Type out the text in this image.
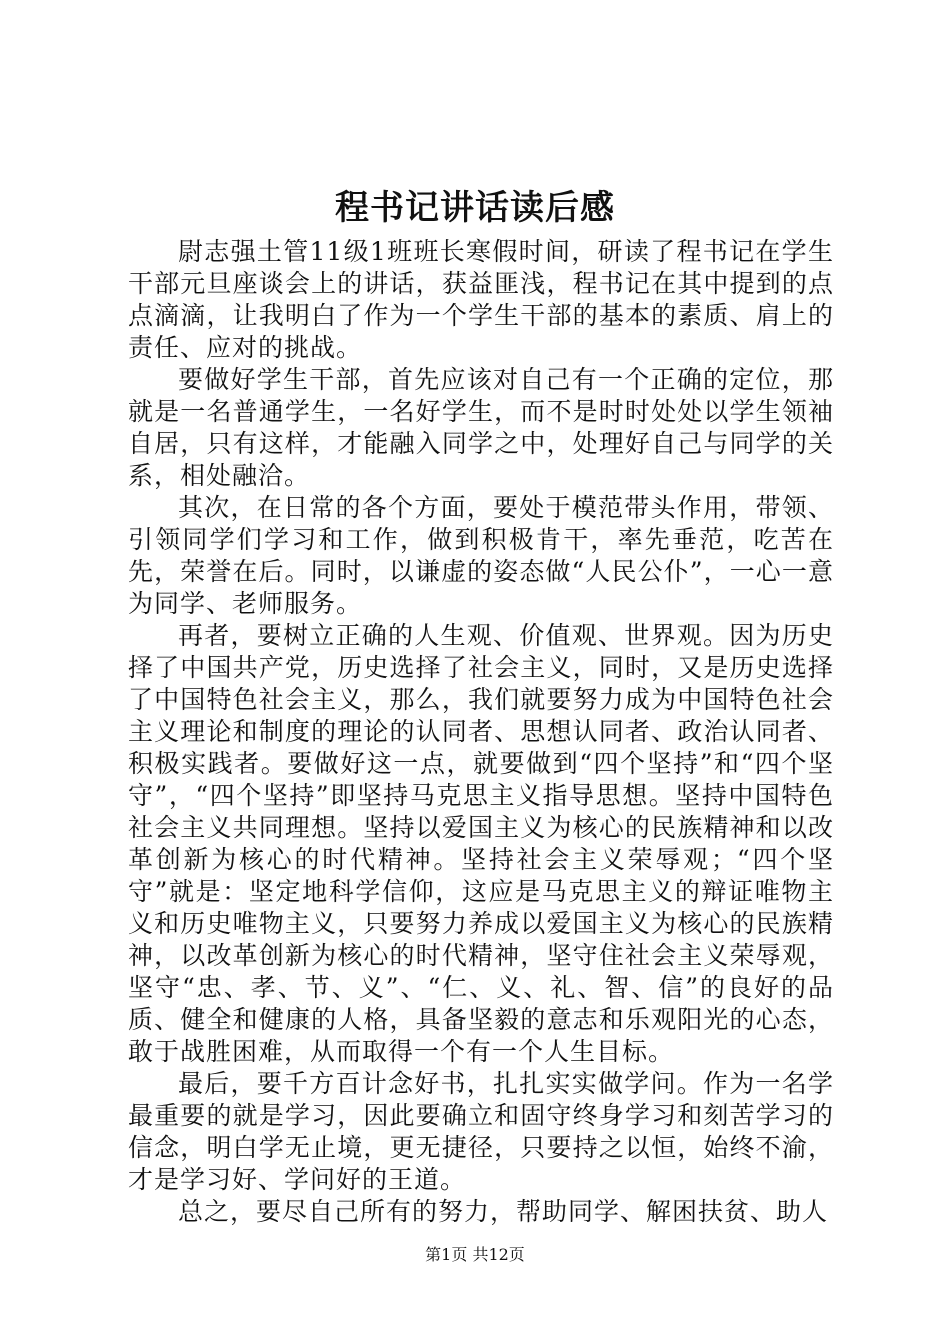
程书记讲话读后感

尉志强土管11级1班班长寒假时间，研读了程书记在学生干部元旦座谈会上的讲话，获益匪浅，程书记在其中提到的点点滴滴，让我明白了作为一个学生干部的基本的素质、肩上的责任、应对的挑战。

要做好学生干部，首先应该对自己有一个正确的定位，那就是一名普通学生，一名好学生，而不是时时处处以学生领袖自居，只有这样，才能融入同学之中，处理好自己与同学的关系，相处融洽。

其次，在日常的各个方面，要处于模范带头作用，带领、引领同学们学习和工作，做到积极肯干，率先垂范，吃苦在先，荣誉在后。同时，以谦虚的姿态做“人民公仆”，一心一意为同学、老师服务。

再者，要树立正确的人生观、价值观、世界观。因为历史择了中国共产党，历史选择了社会主义，同时，又是历史选择了中国特色社会主义，那么，我们就要努力成为中国特色社会主义理论和制度的理论的认同者、思想认同者、政治认同者、积极实践者。要做好这一点，就要做到“四个坚持”和“四个坚守”，“四个坚持”即坚持马克思主义指导思想。坚持中国特色社会主义共同理想。坚持以爱国主义为核心的民族精神和以改革创新为核心的时代精神。坚持社会主义荣辱观；“四个坚守”就是：坚定地科学信仰，这应是马克思主义的辩证唯物主义和历史唯物主义，只要努力养成以爱国主义为核心的民族精神，以改革创新为核心的时代精神，坚守住社会主义荣辱观，坚守“忠、孝、节、义”、“仁、义、礼、智、信”的良好的品质、健全和健康的人格，具备坚毅的意志和乐观阳光的心态，敢于战胜困难，从而取得一个有一个人生目标。

最后，要千方百计念好书，扎扎实实做学问。作为一名学最重要的就是学习，因此要确立和固守终身学习和刻苦学习的信念，明白学无止境，更无捷径，只要持之以恒，始终不渝，才是学习好、学问好的王道。

总之，要尽自己所有的努力，帮助同学、解困扶贫、助人

第1页 共12页
